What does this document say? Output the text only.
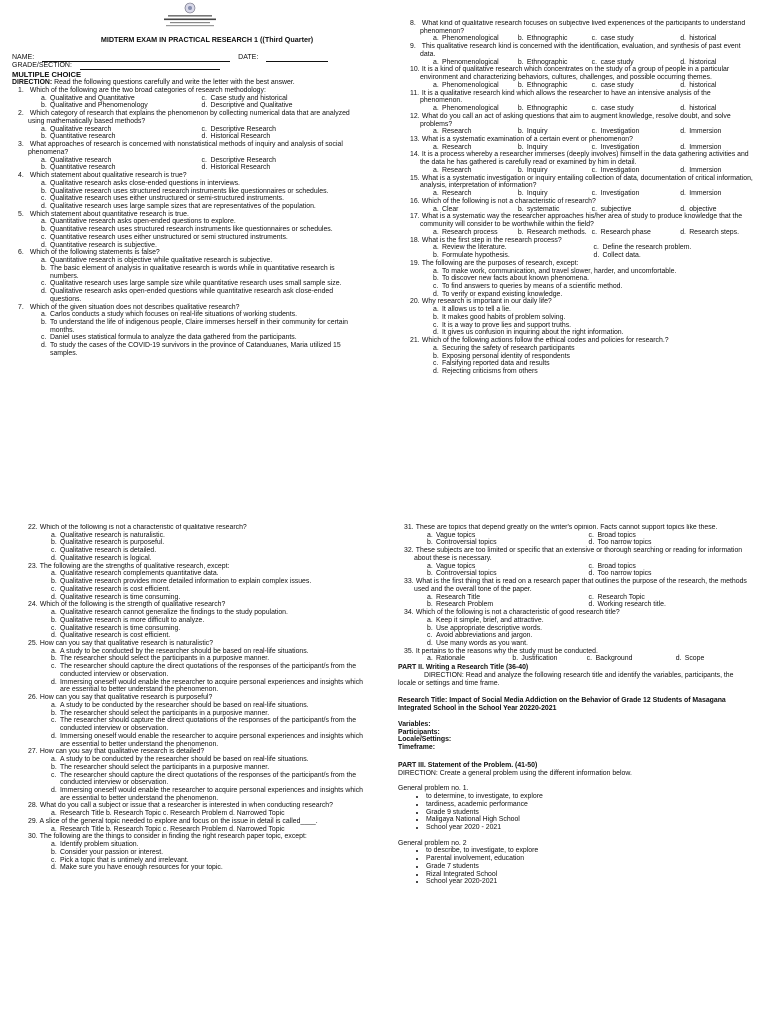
MIDTERM EXAM IN PRACTICAL RESEARCH 1 ((Third Quarter)
NAME:	DATE:
GRADE/SECTION:
MULTIPLE CHOICE
DIRECTION: Read the following questions carefully and write the letter with the best answer.
1. Which of the following are the two broad categories of research methodology:
a. Qualitative and Quantitative	c. Case study and historical
b. Qualitative and Phenomenology	d. Descriptive and Qualitative
2. Which category of research that explains the phenomenon by collecting numerical data that are analyzed using mathematically based methods?
a. Qualitative research	c. Descriptive Research
b. Quantitative research	d. Historical Research
3. What approaches of research is concerned with nonstatistical methods of inquiry and analysis of social phenomena?
a. Qualitative research	c. Descriptive Research
b. Quantitative research	d. Historical Research
4. Which statement about qualitative research is true?
a. Qualitative research asks close-ended questions in interviews.
b. Qualitative research uses structured research instruments like questionnaires or schedules.
c. Qualitative research uses either unstructured or semi-structured instruments.
d. Qualitative research uses large sample sizes that are representatives of the population.
5. Which statement about quantitative research is true.
a. Quantitative research asks open-ended questions to explore.
b. Quantitative research uses structured research instruments like questionnaires or schedules.
c. Quantitative research uses either unstructured or semi structured instruments.
d. Quantitative research is subjective.
6. Which of the following statements is false?
a. Quantitative research is objective while qualitative research is subjective.
b. The basic element of analysis in qualitative research is words while in quantitative research is numbers.
c. Qualitative research uses large sample size while quantitative research uses small sample size.
d. Qualitative research asks open-ended questions while quantitative research ask close-ended questions.
7. Which of the given situation does not describes qualitative research?
a. Carlos conducts a study which focuses on real-life situations of working students.
b. To understand the life of indigenous people, Claire immerses herself in their community for certain months.
c. Daniel uses statistical formula to analyze the data gathered from the participants.
d. To study the cases of the COVID-19 survivors in the province of Catanduanes, Maria utilized 15 samples.
8. What kind of qualitative research focuses on subjective lived experiences of the participants to understand phenomenon?
a. Phenomenological	b. Ethnographic	c. case study	d. historical
9. This qualitative research kind is concerned with the identification, evaluation, and synthesis of past event data.
a. Phenomenological	b. Ethnographic	c. case study	d. historical
10. It is a kind of qualitative research which concentrates on the study of a group of people in a particular environment and characterizing behaviors, cultures, challenges, and possible occurring themes.
a. Phenomenological	b. Ethnographic	c. case study	d. historical
11. It is a qualitative research kind which allows the researcher to have an intensive analysis of the phenomenon.
a. Phenomenological	b. Ethnographic	c. case study	d. historical
12. What do you call an act of asking questions that aim to augment knowledge, resolve doubt, and solve problems?
a. Research	b. Inquiry	c. Investigation	d. Immersion
13. What is a systematic examination of a certain event or phenomenon?
a. Research	b. Inquiry	c. Investigation	d. Immersion
14. It is a process whereby a researcher immerses (deeply involves) himself in the data gathering activities and the data he has gathered is carefully read or examined by him in detail.
a. Research	b. Inquiry	c. Investigation	d. Immersion
15. What is a systematic investigation or inquiry entailing collection of data, documentation of critical information, analysis, interpretation of information?
a. Research	b. Inquiry	c. Investigation	d. Immersion
16. Which of the following is not a characteristic of research?
a. Clear	b. systematic	c. subjective	d. objective
17. What is a systematic way the researcher approaches his/her area of study to produce knowledge that the community will consider to be worthwhile within the field?
a. Research process	b. Research methods. c. Research phase	d. Research steps.
18. What is the first step in the research process?
a. Review the literature.	c. Define the research problem.
b. Formulate hypothesis.	d. Collect data.
19. The following are the purposes of research, except:
a. To make work, communication, and travel slower, harder, and uncomfortable.
b. To discover new facts about known phenomena.
c. To find answers to queries by means of a scientific method.
d. To verify or expand existing knowledge.
20. Why research is important in our daily life?
a. It allows us to tell a lie.
b. It makes good habits of problem solving.
c. It is a way to prove lies and support truths.
d. It gives us confusion in inquiring about the right information.
21. Which of the following actions follow the ethical codes and policies for research.?
a. Securing the safety of research participants
b. Exposing personal identity of respondents
c. Falsifying reported data and results
d. Rejecting criticisms from others
22. Which of the following is not a characteristic of qualitative research?
a. Qualitative research is naturalistic.
b. Qualitative research is purposeful.
c. Qualitative research is detailed.
d. Qualitative research is logical.
23. The following are the strengths of qualitative research, except:
a. Qualitative research complements quantitative data.
b. Qualitative research provides more detailed information to explain complex issues.
c. Qualitative research is cost efficient.
d. Qualitative research is time consuming.
24. Which of the following is the strength of qualitative research?
a. Qualitative research cannot generalize the findings to the study population.
b. Qualitative research is more difficult to analyze.
c. Qualitative research is time consuming.
d. Qualitative research is cost efficient.
25. How can you say that qualitative research is naturalistic?
a. A study to be conducted by the researcher should be based on real-life situations.
b. The researcher should select the participants in a purposive manner.
c. The researcher should capture the direct quotations of the responses of the participant/s from the conducted interview or observation.
d. Immersing oneself would enable the researcher to acquire personal experiences and insights which are essential to better understand the phenomenon.
26. How can you say that qualitative research is purposeful?
a. A study to be conducted by the researcher should be based on real-life situations.
b. The researcher should select the participants in a purposive manner.
c. The researcher should capture the direct quotations of the responses of the participant/s from the conducted interview or observation.
d. Immersing oneself would enable the researcher to acquire personal experiences and insights which are essential to better understand the phenomenon.
27. How can you say that qualitative research is detailed?
a. A study to be conducted by the researcher should be based on real-life situations.
b. The researcher should select the participants in a purposive manner.
c. The researcher should capture the direct quotations of the responses of the participant/s from the conducted interview or observation.
d. Immersing oneself would enable the researcher to acquire personal experiences and insights which are essential to better understand the phenomenon.
28. What do you call a subject or issue that a researcher is interested in when conducting research?
a. Research Title b. Research Topic c. Research Problem d. Narrowed Topic
29. A slice of the general topic needed to explore and focus on the issue in detail is called____.
a. Research Title b. Research Topic c. Research Problem d. Narrowed Topic
30. The following are the things to consider in finding the right research paper topic, except:
a. Identify problem situation.
b. Consider your passion or interest.
c. Pick a topic that is untimely and irrelevant.
d. Make sure you have enough resources for your topic.
31. These are topics that depend greatly on the writer's opinion. Facts cannot support topics like these.
a. Vague topics	c. Broad topics
b. Controversial topics	d. Too narrow topics
32. These subjects are too limited or specific that an extensive or thorough searching or reading for information about these is necessary.
a. Vague topics	c. Broad topics
b. Controversial topics	d. Too narrow topics
33. What is the first thing that is read on a research paper that outlines the purpose of the research, the methods used and the overall tone of the paper.
a. Research Title	c. Research Topic
b. Research Problem	d. Working research title.
34. Which of the following is not a characteristic of good research title?
a. Keep it simple, brief, and attractive.
b. Use appropriate descriptive words.
c. Avoid abbreviations and jargon.
d. Use many words as you want.
35. It pertains to the reasons why the study must be conducted.
a. Rationale	b. Justification	c. Background	d. Scope
PART II. Writing a Research Title (36-40)
DIRECTION: Read and analyze the following research title and identify the variables, participants, the locale or settings and time frame.
Research Title: Impact of Social Media Addiction on the Behavior of Grade 12 Students of Masagana Integrated School in the School Year 20220-2021
Variables:
Participants:
Locale/Settings:
Timeframe:
PART III. Statement of the Problem. (41-50)
DIRECTION: Create a general problem using the different information below.
General problem no. 1.
• to determine, to investigate, to explore
• tardiness, academic performance
• Grade 9 students
• Maligaya National High School
• School year 2020 - 2021
General problem no. 2
• to describe, to investigate, to explore
• Parental involvement, education
• Grade 7 students
• Rizal Integrated School
• School year 2020-2021
